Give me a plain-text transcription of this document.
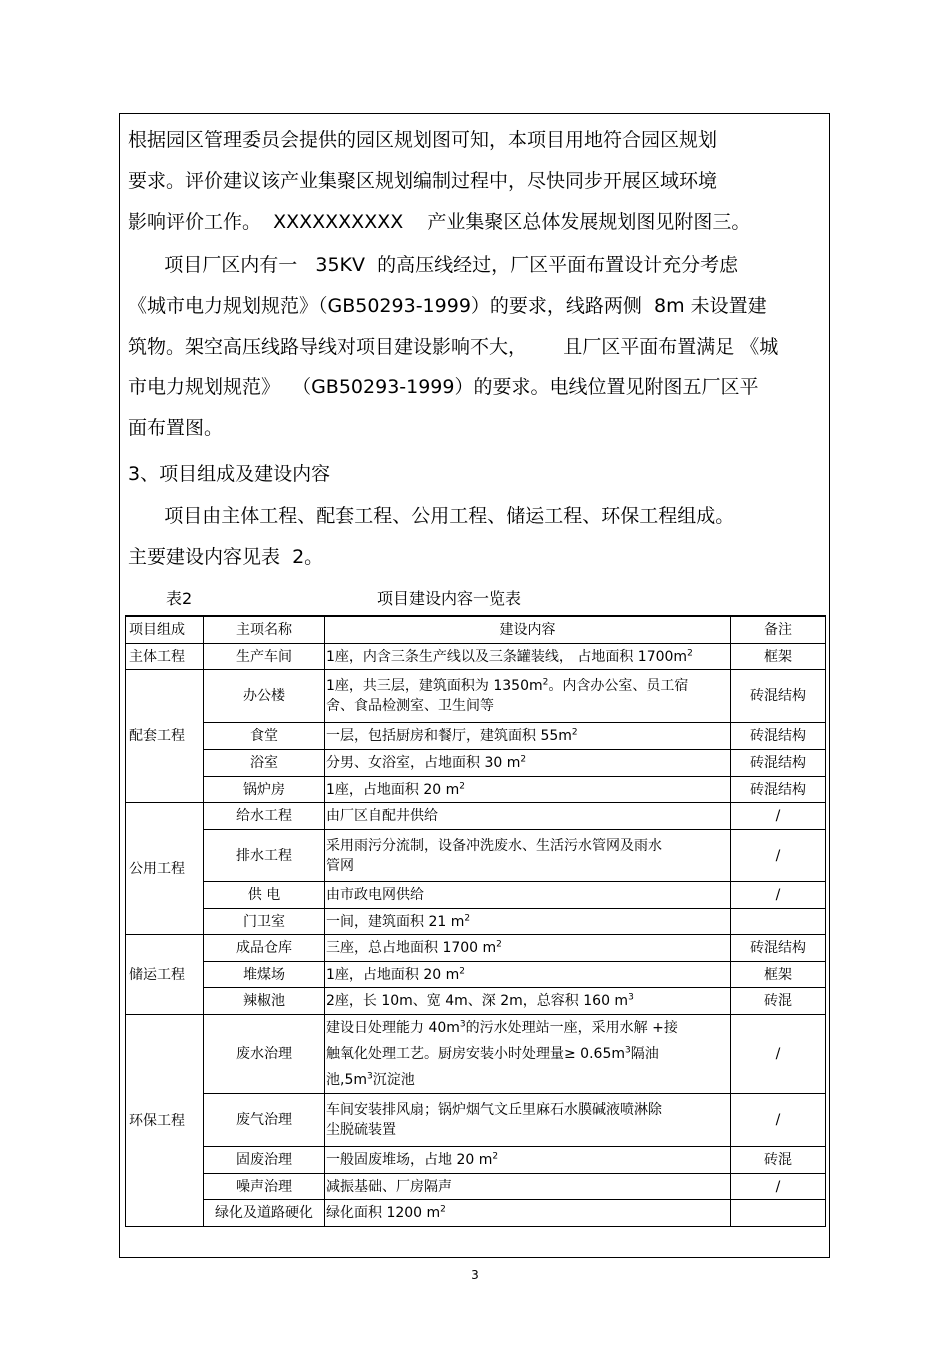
根据园区管理委员会提供的园区规划图可知，本项目用地符合园区规划
要求。评价建议该产业集聚区规划编制过程中，尽快同步开展区域环境
影响评价工作。  XXXXXXXXXX    产业集聚区总体发展规划图见附图三。
项目厂区内有一   35KV  的高压线经过，厂区平面布置设计充分考虑
《城市电力规划规范》（GB50293-1999）的要求，线路两侧  8m 未设置建
筑物。架空高压线路导线对项目建设影响不大，      且厂区平面布置满足 《城
市电力规划规范》  （GB50293-1999）的要求。电线位置见附图五厂区平
面布置图。
3、项目组成及建设内容
项目由主体工程、配套工程、公用工程、储运工程、环保工程组成。
主要建设内容见表  2。
表2	项目建设内容一览表
项目组成	主项名称	建设内容	备注
主体工程	生产车间	1座，内含三条生产线以及三条罐装线， 占地面积 $1700m^2$	框架
配套工程	办公楼	1座，共三层，建筑面积为 $1350m^2$。内含办公室、员工宿
舍、食品检测室、卫生间等	砖混结构
	食堂	一层，包括厨房和餐厅，建筑面积 $55m^2$	砖混结构
	浴室	分男、女浴室，占地面积 30 $m^2$	砖混结构
	锅炉房	1座，占地面积 20 $m^2$	砖混结构
公用工程	给水工程	由厂区自配井供给	/
	排水工程	采用雨污分流制，设备冲洗废水、生活污水管网及雨水
管网	/
	供 电	由市政电网供给	/
	门卫室	一间，建筑面积 21 $m^2$	
储运工程	成品仓库	三座，总占地面积 1700 $m^2$	砖混结构
	堆煤场	1座，占地面积 20 $m^2$	框架
	辣椒池	2座，长 10m、宽 4m、深 2m，总容积 160 $m^3$	砖混
环保工程	废水治理	建设日处理能力 $40m^3$的污水处理站一座，采用水解 +接
触氧化处理工艺。厨房安装小时处理量≥ $0.65m^3$隔油
池$,5m^3$沉淀池	/
	废气治理	车间安装排风扇；锅炉烟气文丘里麻石水膜碱液喷淋除
尘脱硫装置	/
	固废治理	一般固废堆场，占地 20 $m^2$	砖混
	噪声治理	减振基础、厂房隔声	/
	绿化及道路硬化	绿化面积 1200 $m^2$	
3
